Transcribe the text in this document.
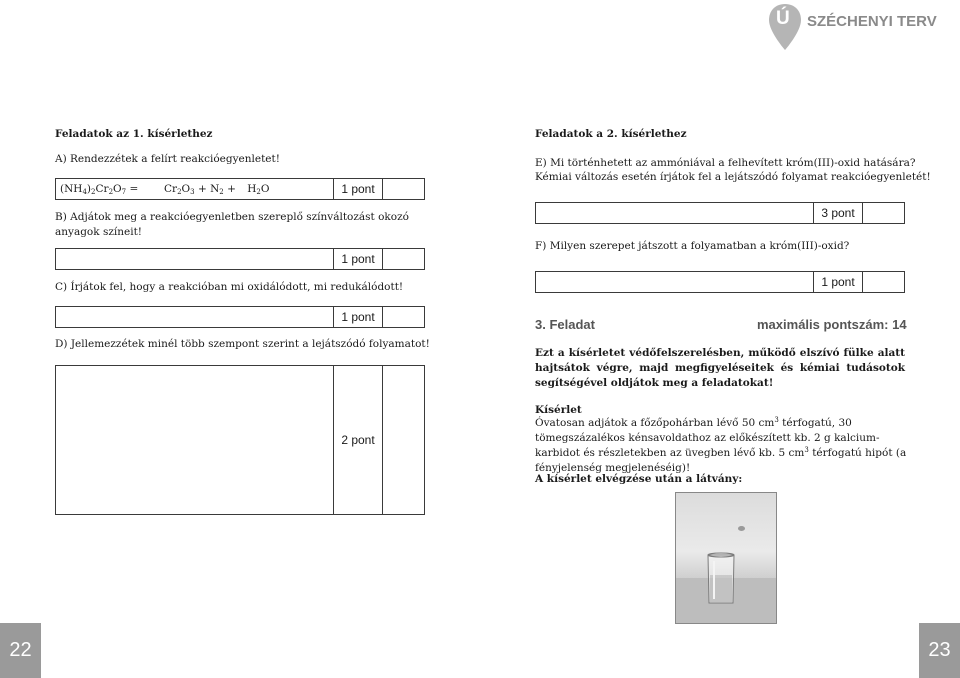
Ú SZÉCHENYI TERV
Feladatok az 1. kísérlethez
A) Rendezzétek a felírt reakcióegyenletet!
$(NH_4)_2Cr_2O_7 = Cr_2O_3 + N_2 + H_2O$	1 pont
B) Adjátok meg a reakcióegyenletben szereplő színváltozást okozó anyagok színeit!
1 pont
C) Írjátok fel, hogy a reakcióban mi oxidálódott, mi redukálódott!
1 pont
D) Jellemezzétek minél több szempont szerint a lejátszódó folyamatot!
2 pont
Feladatok a 2. kísérlethez
E) Mi történhetett az ammóniával a felhevített króm(III)-oxid hatására?
Kémiai változás esetén írjátok fel a lejátszódó folyamat reakcióegyenletét!
3 pont
F) Milyen szerepet játszott a folyamatban a króm(III)-oxid?
1 pont
3. Feladat	maximális pontszám: 14
Ezt a kísérletet védőfelszerelésben, működő elszívó fülke alatt hajtsátok végre, majd megfigyeléseitek és kémiai tudásotok segítségével oldjátok meg a feladatokat!
Kísérlet
Óvatosan adjátok a főzőpohárban lévő 50 $cm^3$ térfogatú, 30 tömegszázalékos kénsavoldathoz az előkészített kb. 2 g kalcium-karbidot és részletekben az üvegben lévő kb. 5 $cm^3$ térfogatú hipót (a fényjelenség megjelenéséig)!
A kísérlet elvégzése után a látvány:
22	23
